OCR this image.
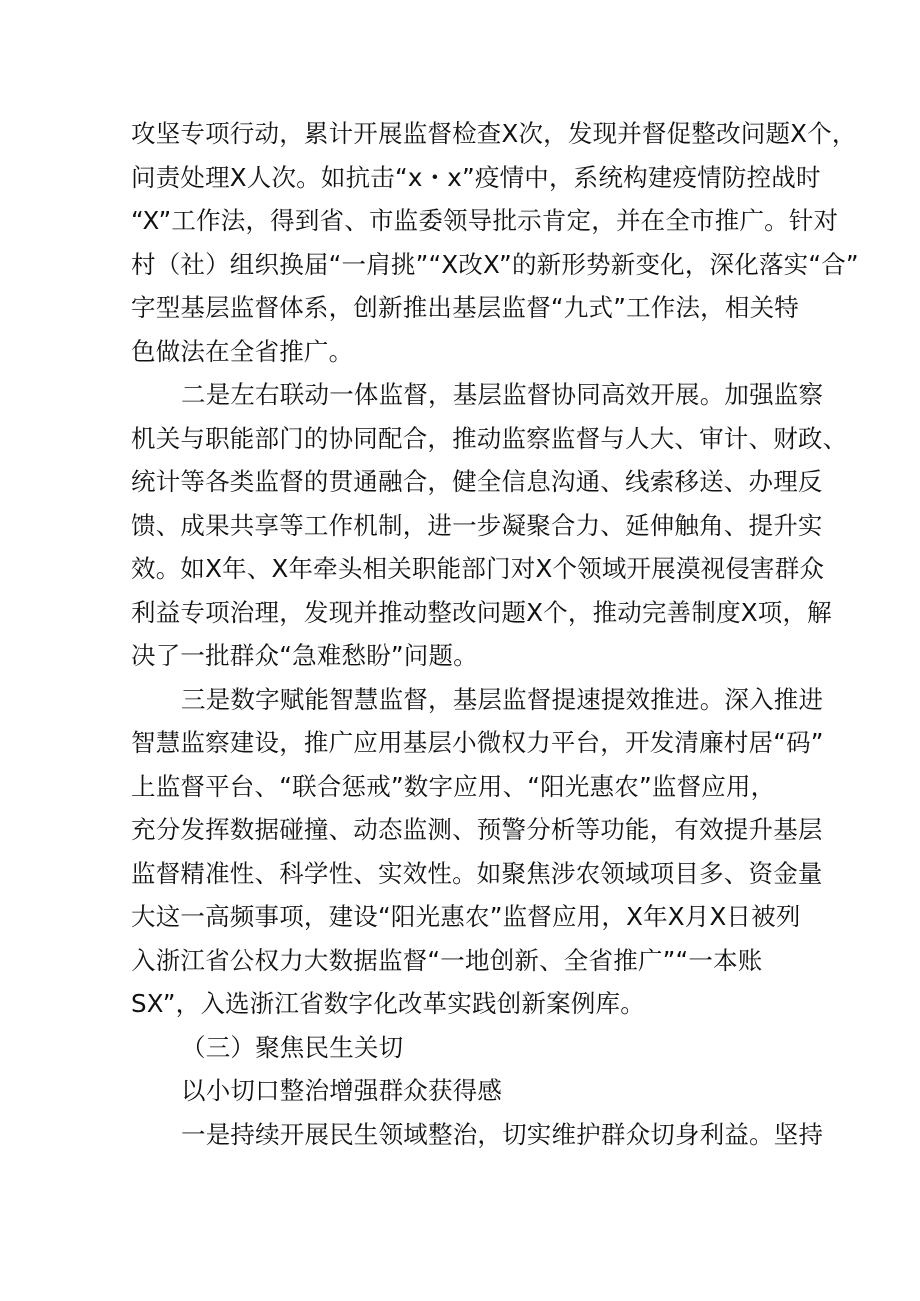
攻坚专项行动，累计开展监督检查X次，发现并督促整改问题X个，
问责处理X人次。如抗击“x・x”疫情中，系统构建疫情防控战时
“X”工作法，得到省、市监委领导批示肯定，并在全市推广。针对
村（社）组织换届“一肩挑”“X改X”的新形势新变化，深化落实“合”
字型基层监督体系，创新推出基层监督“九式”工作法，相关特
色做法在全省推广。
二是左右联动一体监督，基层监督协同高效开展。加强监察
机关与职能部门的协同配合，推动监察监督与人大、审计、财政、
统计等各类监督的贯通融合，健全信息沟通、线索移送、办理反
馈、成果共享等工作机制，进一步凝聚合力、延伸触角、提升实
效。如X年、X年牵头相关职能部门对X个领域开展漠视侵害群众
利益专项治理，发现并推动整改问题X个，推动完善制度X项，解
决了一批群众“急难愁盼”问题。
三是数字赋能智慧监督，基层监督提速提效推进。深入推进
智慧监察建设，推广应用基层小微权力平台，开发清廉村居“码”
上监督平台、“联合惩戒”数字应用、“阳光惠农”监督应用，
充分发挥数据碰撞、动态监测、预警分析等功能，有效提升基层
监督精准性、科学性、实效性。如聚焦涉农领域项目多、资金量
大这一高频事项，建设“阳光惠农”监督应用，X年X月X日被列
入浙江省公权力大数据监督“一地创新、全省推广”“一本账
SX”，入选浙江省数字化改革实践创新案例库。
（三）聚焦民生关切
以小切口整治增强群众获得感
一是持续开展民生领域整治，切实维护群众切身利益。坚持
